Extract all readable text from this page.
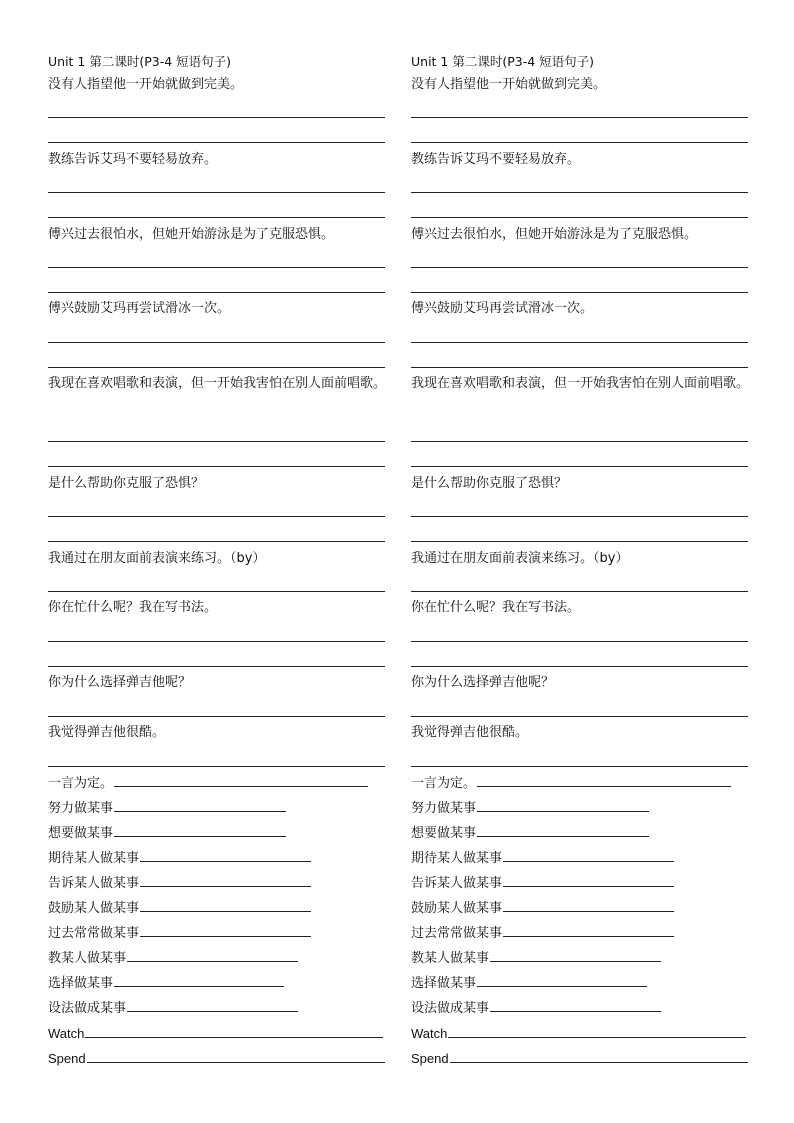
Unit 1 第二课时(P3-4 短语句子)
没有人指望他一开始就做到完美。
教练告诉艾玛不要轻易放弃。
傅兴过去很怕水，但她开始游泳是为了克服恐惧。
傅兴鼓励艾玛再尝试滑冰一次。
我现在喜欢唱歌和表演，但一开始我害怕在别人面前唱歌。
是什么帮助你克服了恐惧？
我通过在朋友面前表演来练习。（by）
你在忙什么呢？我在写书法。
你为什么选择弹吉他呢？
我觉得弹吉他很酷。
一言为定。
努力做某事
想要做某事
期待某人做某事
告诉某人做某事
鼓励某人做某事
过去常常做某事
教某人做某事
选择做某事
设法做成某事
Watch
Spend
Unit 1 第二课时(P3-4 短语句子)
没有人指望他一开始就做到完美。
教练告诉艾玛不要轻易放弃。
傅兴过去很怕水，但她开始游泳是为了克服恐惧。
傅兴鼓励艾玛再尝试滑冰一次。
我现在喜欢唱歌和表演，但一开始我害怕在别人面前唱歌。
是什么帮助你克服了恐惧？
我通过在朋友面前表演来练习。（by）
你在忙什么呢？我在写书法。
你为什么选择弹吉他呢？
我觉得弹吉他很酷。
一言为定。
努力做某事
想要做某事
期待某人做某事
告诉某人做某事
鼓励某人做某事
过去常常做某事
教某人做某事
选择做某事
设法做成某事
Watch
Spend
